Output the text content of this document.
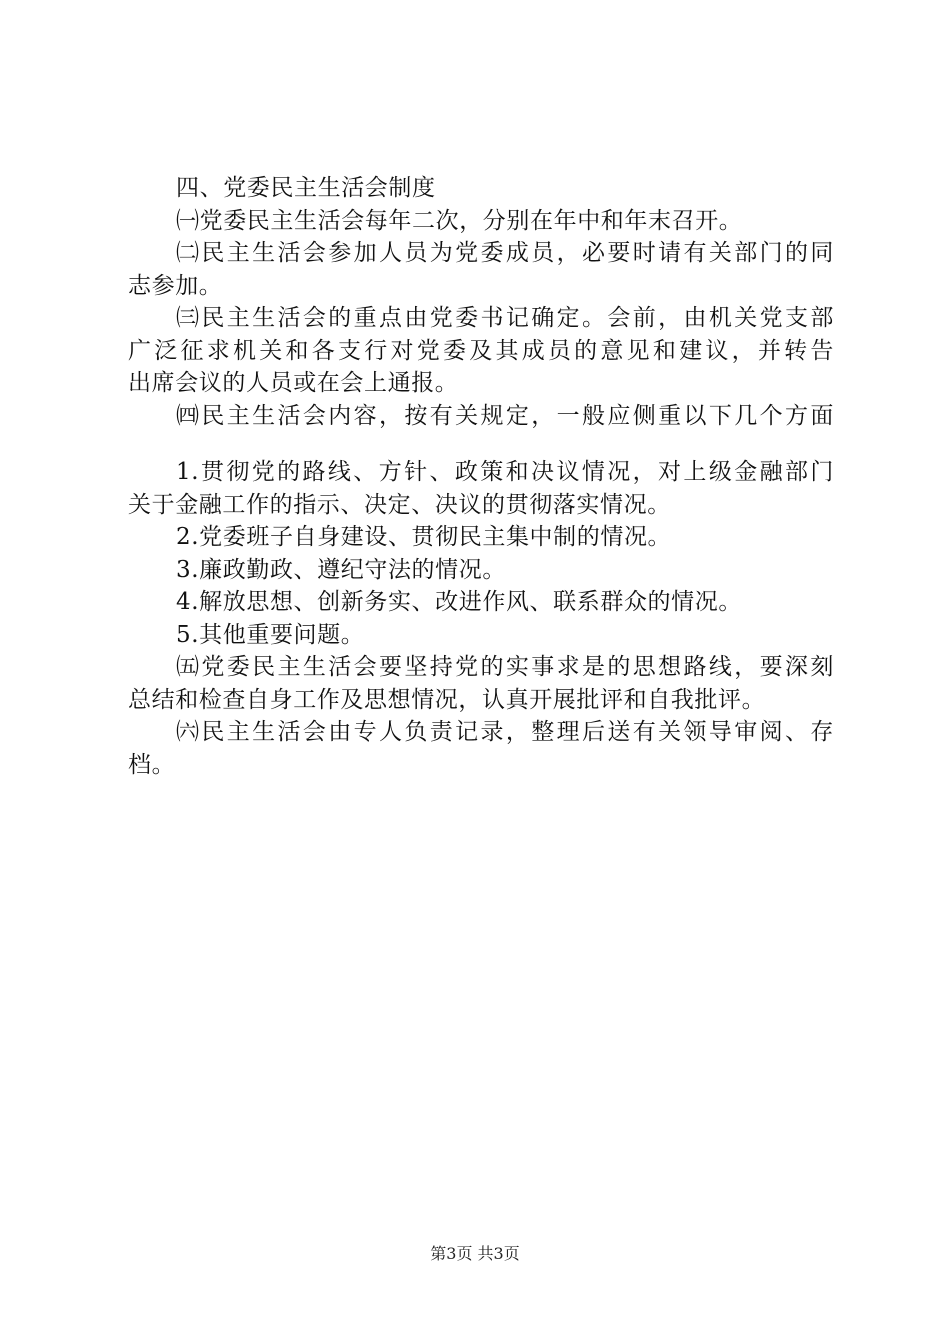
四、党委民主生活会制度
㈠党委民主生活会每年二次，分别在年中和年末召开。
㈡民主生活会参加人员为党委成员，必要时请有关部门的同
志参加。
㈢民主生活会的重点由党委书记确定。会前，由机关党支部
广泛征求机关和各支行对党委及其成员的意见和建议，并转告
出席会议的人员或在会上通报。
㈣民主生活会内容，按有关规定，一般应侧重以下几个方面
1.贯彻党的路线、方针、政策和决议情况，对上级金融部门
关于金融工作的指示、决定、决议的贯彻落实情况。
2.党委班子自身建设、贯彻民主集中制的情况。
3.廉政勤政、遵纪守法的情况。
4.解放思想、创新务实、改进作风、联系群众的情况。
5.其他重要问题。
㈤党委民主生活会要坚持党的实事求是的思想路线，要深刻
总结和检查自身工作及思想情况，认真开展批评和自我批评。
㈥民主生活会由专人负责记录，整理后送有关领导审阅、存
档。
第3页 共3页
